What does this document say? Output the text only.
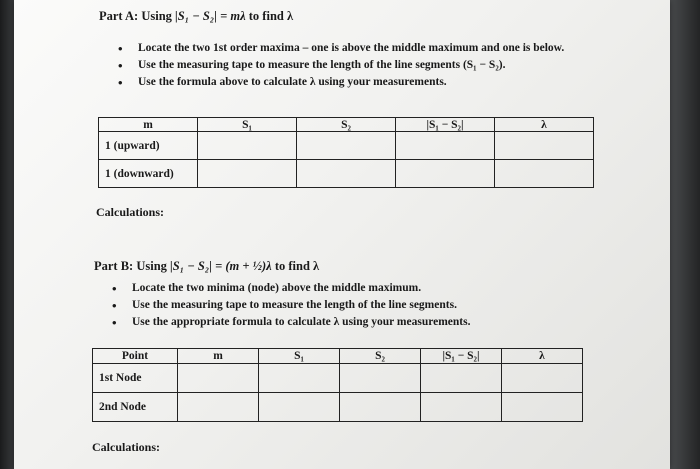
Part A: Using |S₁ − S₂| = mλ to find λ
• Locate the two 1st order maxima – one is above the middle maximum and one is below.
• Use the measuring tape to measure the length of the line segments (S₁ − S₂).
• Use the formula above to calculate λ using your measurements.
m	S₁	S₂	|S₁ − S₂|	λ
1 (upward)				
1 (downward)				
Calculations:
Part B: Using |S₁ − S₂| = (m + ½)λ to find λ
• Locate the two minima (node) above the middle maximum.
• Use the measuring tape to measure the length of the line segments.
• Use the appropriate formula to calculate λ using your measurements.
Point	m	S₁	S₂	|S₁ − S₂|	λ
1st Node					
2nd Node					
Calculations:
